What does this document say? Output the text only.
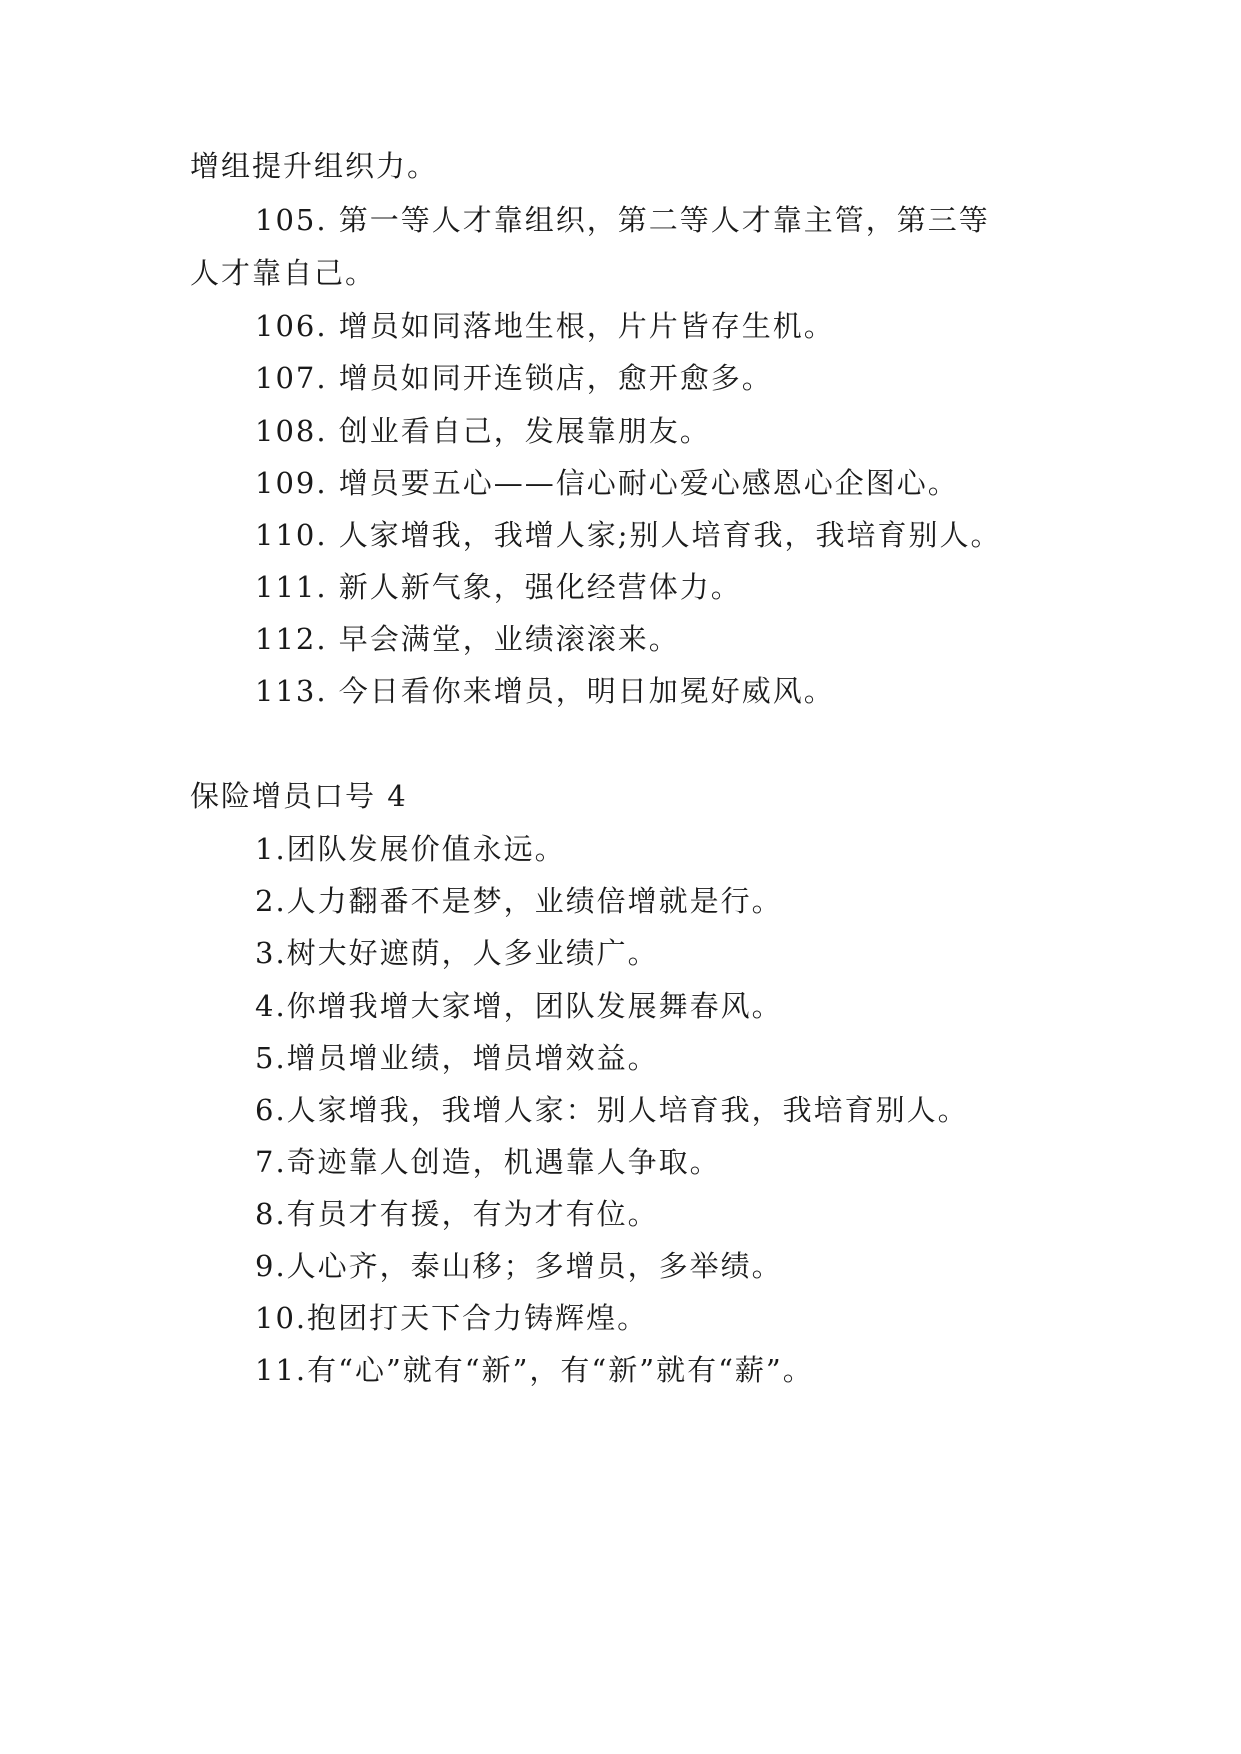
增组提升组织力。
105. 第一等人才靠组织，第二等人才靠主管，第三等
人才靠自己。
106. 增员如同落地生根，片片皆存生机。
107. 增员如同开连锁店，愈开愈多。
108. 创业看自己，发展靠朋友。
109. 增员要五心——信心耐心爱心感恩心企图心。
110. 人家增我，我增人家;别人培育我，我培育别人。
111. 新人新气象，强化经营体力。
112. 早会满堂，业绩滚滚来。
113. 今日看你来增员，明日加冕好威风。
保险增员口号 4
1.团队发展价值永远。
2.人力翻番不是梦，业绩倍增就是行。
3.树大好遮荫，人多业绩广。
4.你增我增大家增，团队发展舞春风。
5.增员增业绩，增员增效益。
6.人家增我，我增人家：别人培育我，我培育别人。
7.奇迹靠人创造，机遇靠人争取。
8.有员才有援，有为才有位。
9.人心齐，泰山移；多增员，多举绩。
10.抱团打天下合力铸辉煌。
11.有“心”就有“新”，有“新”就有“薪”。
